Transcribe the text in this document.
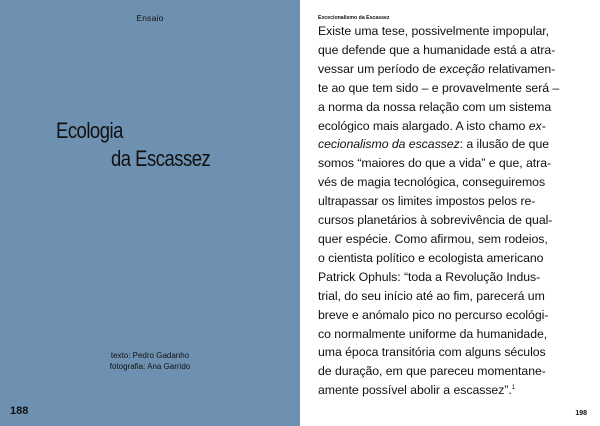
Ensaio
Ecologia
da Escassez
texto: Pedro Gadanho
fotografia: Ana Garrido
188
Excecionalismo da Escassez
Existe uma tese, possivelmente impopular,
que defende que a humanidade está a atra-
vessar um período de exceção relativamen-
te ao que tem sido – e provavelmente será –
a norma da nossa relação com um sistema
ecológico mais alargado. A isto chamo ex-
cecionalismo da escassez: a ilusão de que
somos “maiores do que a vida” e que, atra-
vés de magia tecnológica, conseguiremos
ultrapassar os limites impostos pelos re-
cursos planetários à sobrevivência de qual-
quer espécie. Como afirmou, sem rodeios,
o cientista político e ecologista americano
Patrick Ophuls: “toda a Revolução Indus-
trial, do seu início até ao fim, parecerá um
breve e anómalo pico no percurso ecológi-
co normalmente uniforme da humanidade,
uma época transitória com alguns séculos
de duração, em que pareceu momentane-
amente possível abolir a escassez”.$^1$
198
